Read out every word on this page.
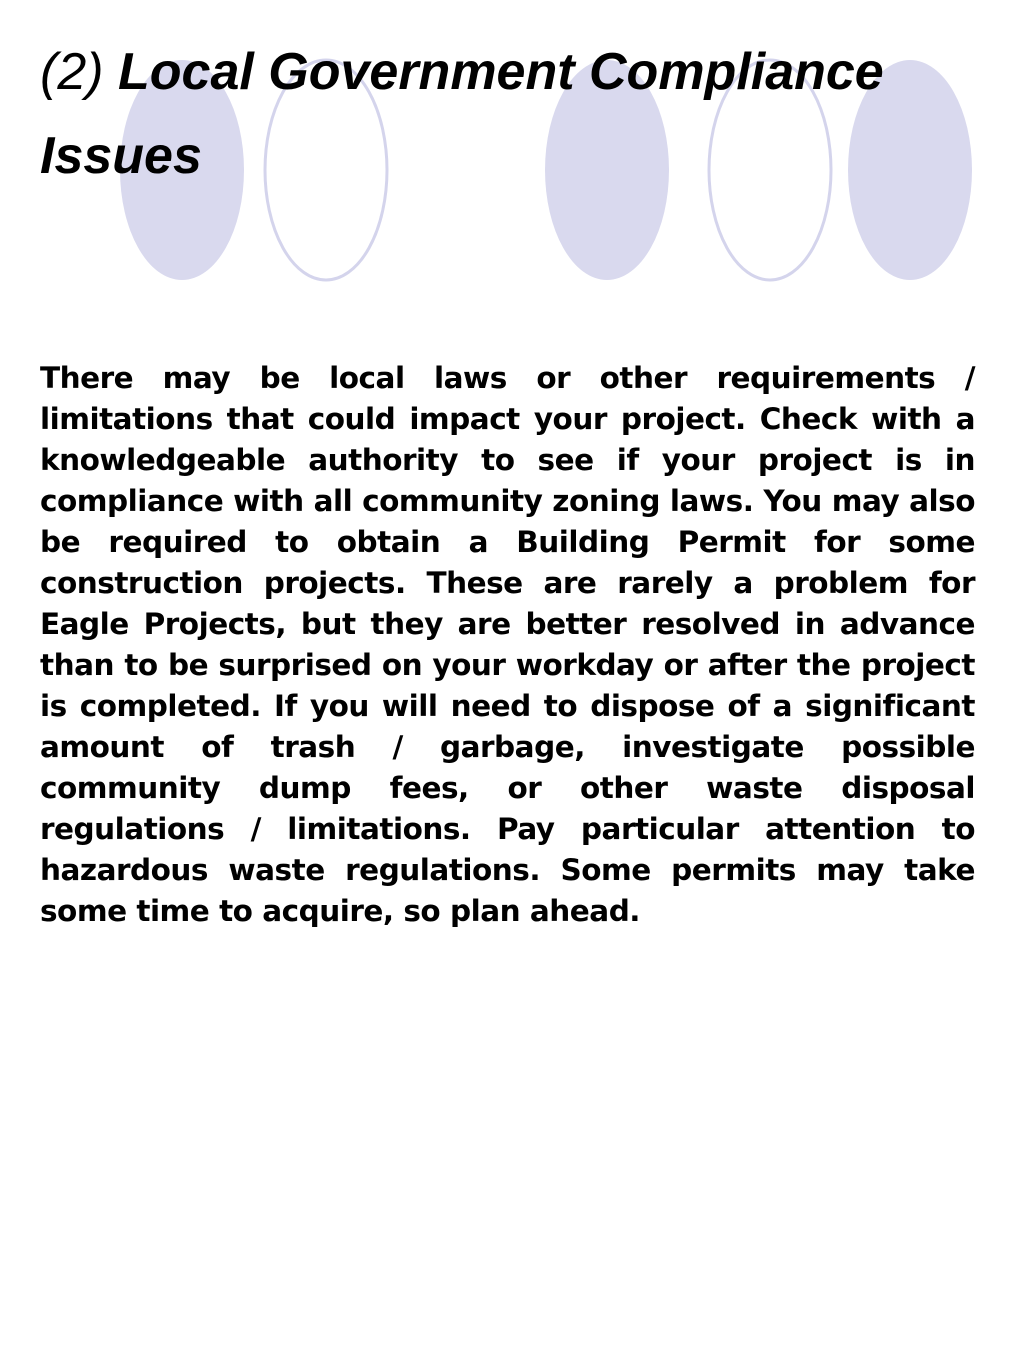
(2) Local Government Compliance Issues

There may be local laws or other requirements / limitations that could impact your project. Check with a knowledgeable authority to see if your project is in compliance with all community zoning laws. You may also be required to obtain a Building Permit for some construction projects. These are rarely a problem for Eagle Projects, but they are better resolved in advance than to be surprised on your workday or after the project is completed. If you will need to dispose of a significant amount of trash / garbage, investigate possible community dump fees, or other waste disposal regulations / limitations. Pay particular attention to hazardous waste regulations. Some permits may take some time to acquire, so plan ahead.
